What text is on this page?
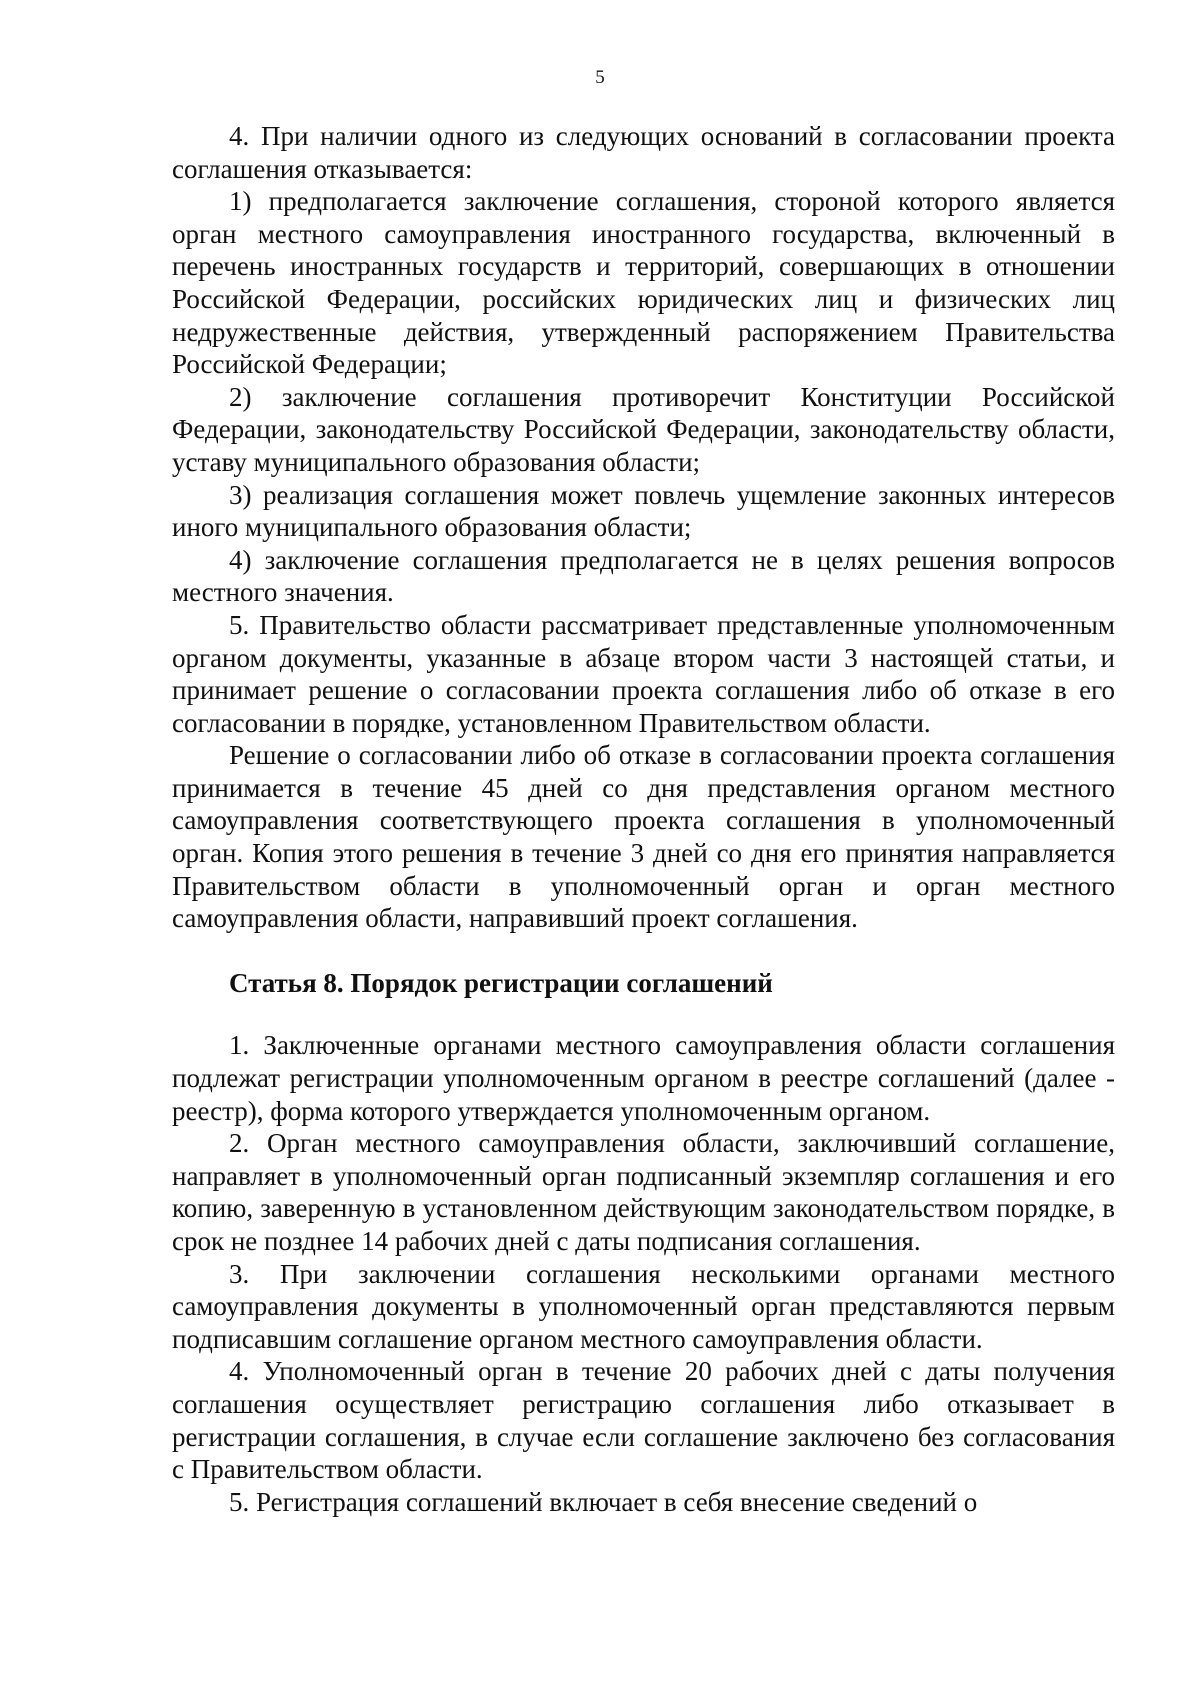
5

4. При наличии одного из следующих оснований в согласовании проекта соглашения отказывается:

1) предполагается заключение соглашения, стороной которого является орган местного самоуправления иностранного государства, включенный в перечень иностранных государств и территорий, совершающих в отношении Российской Федерации, российских юридических лиц и физических лиц недружественные действия, утвержденный распоряжением Правительства Российской Федерации;

2) заключение соглашения противоречит Конституции Российской Федерации, законодательству Российской Федерации, законодательству области, уставу муниципального образования области;

3) реализация соглашения может повлечь ущемление законных интересов иного муниципального образования области;

4) заключение соглашения предполагается не в целях решения вопросов местного значения.

5. Правительство области рассматривает представленные уполномоченным органом документы, указанные в абзаце втором части 3 настоящей статьи, и принимает решение о согласовании проекта соглашения либо об отказе в его согласовании в порядке, установленном Правительством области.

Решение о согласовании либо об отказе в согласовании проекта соглашения принимается в течение 45 дней со дня представления органом местного самоуправления соответствующего проекта соглашения в уполномоченный орган. Копия этого решения в течение 3 дней со дня его принятия направляется Правительством области в уполномоченный орган и орган местного самоуправления области, направивший проект соглашения.

Статья 8. Порядок регистрации соглашений

1. Заключенные органами местного самоуправления области соглашения подлежат регистрации уполномоченным органом в реестре соглашений (далее - реестр), форма которого утверждается уполномоченным органом.

2. Орган местного самоуправления области, заключивший соглашение, направляет в уполномоченный орган подписанный экземпляр соглашения и его копию, заверенную в установленном действующим законодательством порядке, в срок не позднее 14 рабочих дней с даты подписания соглашения.

3. При заключении соглашения несколькими органами местного самоуправления документы в уполномоченный орган представляются первым подписавшим соглашение органом местного самоуправления области.

4. Уполномоченный орган в течение 20 рабочих дней с даты получения соглашения осуществляет регистрацию соглашения либо отказывает в регистрации соглашения, в случае если соглашение заключено без согласования с Правительством области.

5. Регистрация соглашений включает в себя внесение сведений о
